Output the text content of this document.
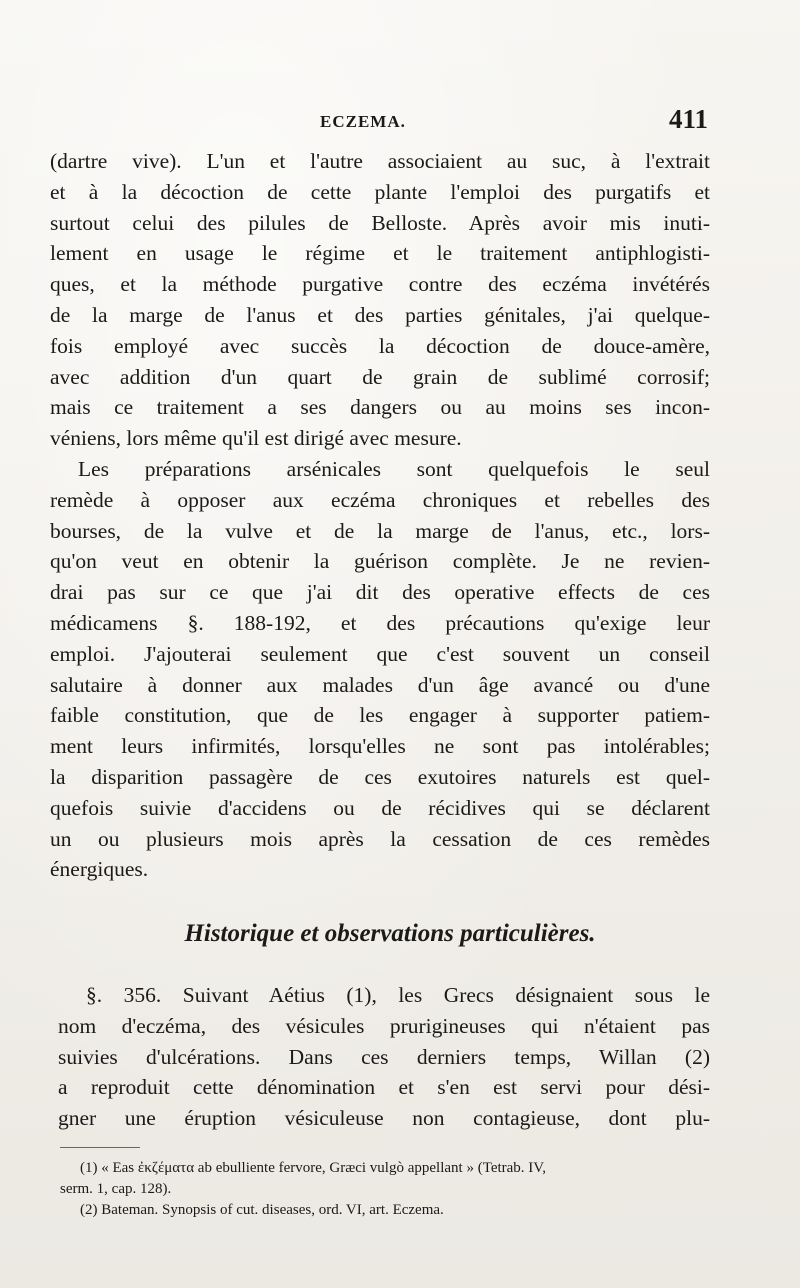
ECZEMA.	411
(dartre vive). L'un et l'autre associaient au suc, à l'extrait
et à la décoction de cette plante l'emploi des purgatifs et
surtout celui des pilules de Belloste. Après avoir mis inuti-
lement en usage le régime et le traitement antiphlogisti-
ques, et la méthode purgative contre des eczéma invétérés
de la marge de l'anus et des parties génitales, j'ai quelque-
fois employé avec succès la décoction de douce-amère,
avec addition d'un quart de grain de sublimé corrosif;
mais ce traitement a ses dangers ou au moins ses incon-
véniens, lors même qu'il est dirigé avec mesure.
Les préparations arsénicales sont quelquefois le seul
remède à opposer aux eczéma chroniques et rebelles des
bourses, de la vulve et de la marge de l'anus, etc., lors-
qu'on veut en obtenir la guérison complète. Je ne revien-
drai pas sur ce que j'ai dit des operative effects de ces
médicamens §. 188-192, et des précautions qu'exige leur
emploi. J'ajouterai seulement que c'est souvent un conseil
salutaire à donner aux malades d'un âge avancé ou d'une
faible constitution, que de les engager à supporter patiem-
ment leurs infirmités, lorsqu'elles ne sont pas intolérables;
la disparition passagère de ces exutoires naturels est quel-
quefois suivie d'accidens ou de récidives qui se déclarent
un ou plusieurs mois après la cessation de ces remèdes
énergiques.
Historique et observations particulières.
§. 356. Suivant Aétius (1), les Grecs désignaient sous le
nom d'eczéma, des vésicules prurigineuses qui n'étaient pas
suivies d'ulcérations. Dans ces derniers temps, Willan (2)
a reproduit cette dénomination et s'en est servi pour dési-
gner une éruption vésiculeuse non contagieuse, dont plu-
(1) « Eas ἐκζέματα ab ebulliente fervore, Græci vulgò appellant » (Tetrab. IV,
serm. 1, cap. 128).
(2) Bateman. Synopsis of cut. diseases, ord. VI, art. Eczema.
